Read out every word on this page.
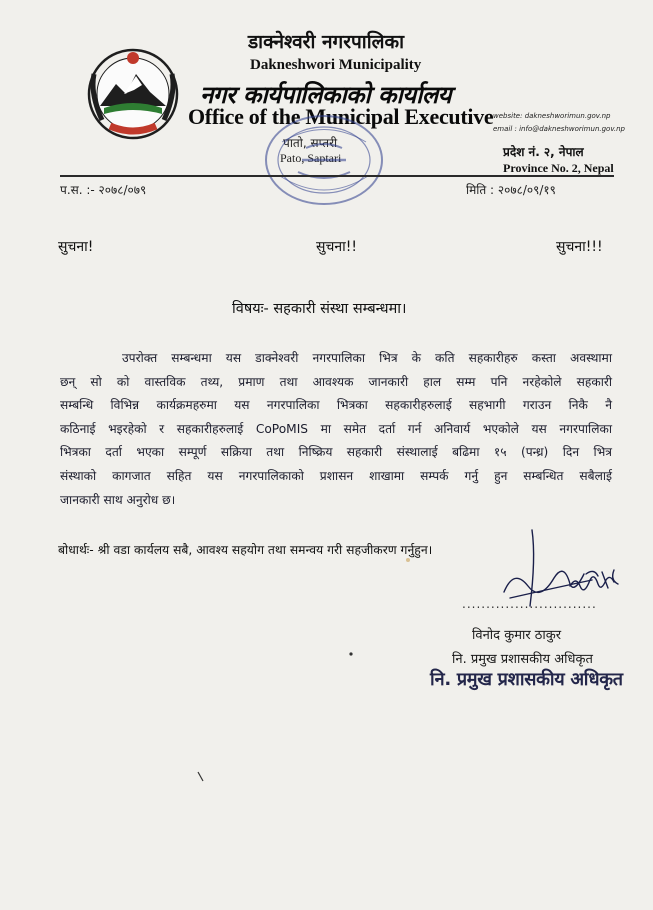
डाक्नेश्वरी नगरपालिका
Dakneshwori Municipality
नगर कार्यपालिकाको कार्यालय
Office of the Municipal Executive
पातो, सप्तरी
Pato, Saptari
website: dakneshworimun.gov.np
email : info@dakneshworimun.gov.np
प्रदेश नं. २, नेपाल
Province No. 2, Nepal
प.स. :- २०७८/०७९	मिति : २०७८/०९/१९
सुचना!	सुचना!!	सुचना!!!
विषयः- सहकारी संस्था सम्बन्धमा।
उपरोक्त सम्बन्धमा यस डाक्नेश्वरी नगरपालिका भित्र के कति सहकारीहरु कस्ता अवस्थामा
छन् सो को वास्तविक तथ्य, प्रमाण तथा आवश्यक जानकारी हाल सम्म पनि नरहेकोले सहकारी
सम्बन्धि विभिन्न कार्यक्रमहरुमा यस नगरपालिका भित्रका सहकारीहरुलाई सहभागी गराउन निकै नै
कठिनाई भइरहेको र सहकारीहरुलाई CoPoMIS मा समेत दर्ता गर्न अनिवार्य भएकोले यस नगरपालिका
भित्रका दर्ता भएका सम्पूर्ण सक्रिया तथा निष्क्रिय सहकारी संस्थालाई बढिमा १५ (पन्ध्र) दिन भित्र
संस्थाको कागजात सहित यस नगरपालिकाको प्रशासन शाखामा सम्पर्क गर्नु हुन सम्बन्धित सबैलाई
जानकारी साथ अनुरोध छ।
बोधार्थः- श्री वडा कार्यलय सबै, आवश्य सहयोग तथा समन्वय गरी सहजीकरण गर्नुहुन।
............................
विनोद कुमार ठाकुर
नि. प्रमुख प्रशासकीय अधिकृत
नि. प्रमुख प्रशासकीय अधिकृत
